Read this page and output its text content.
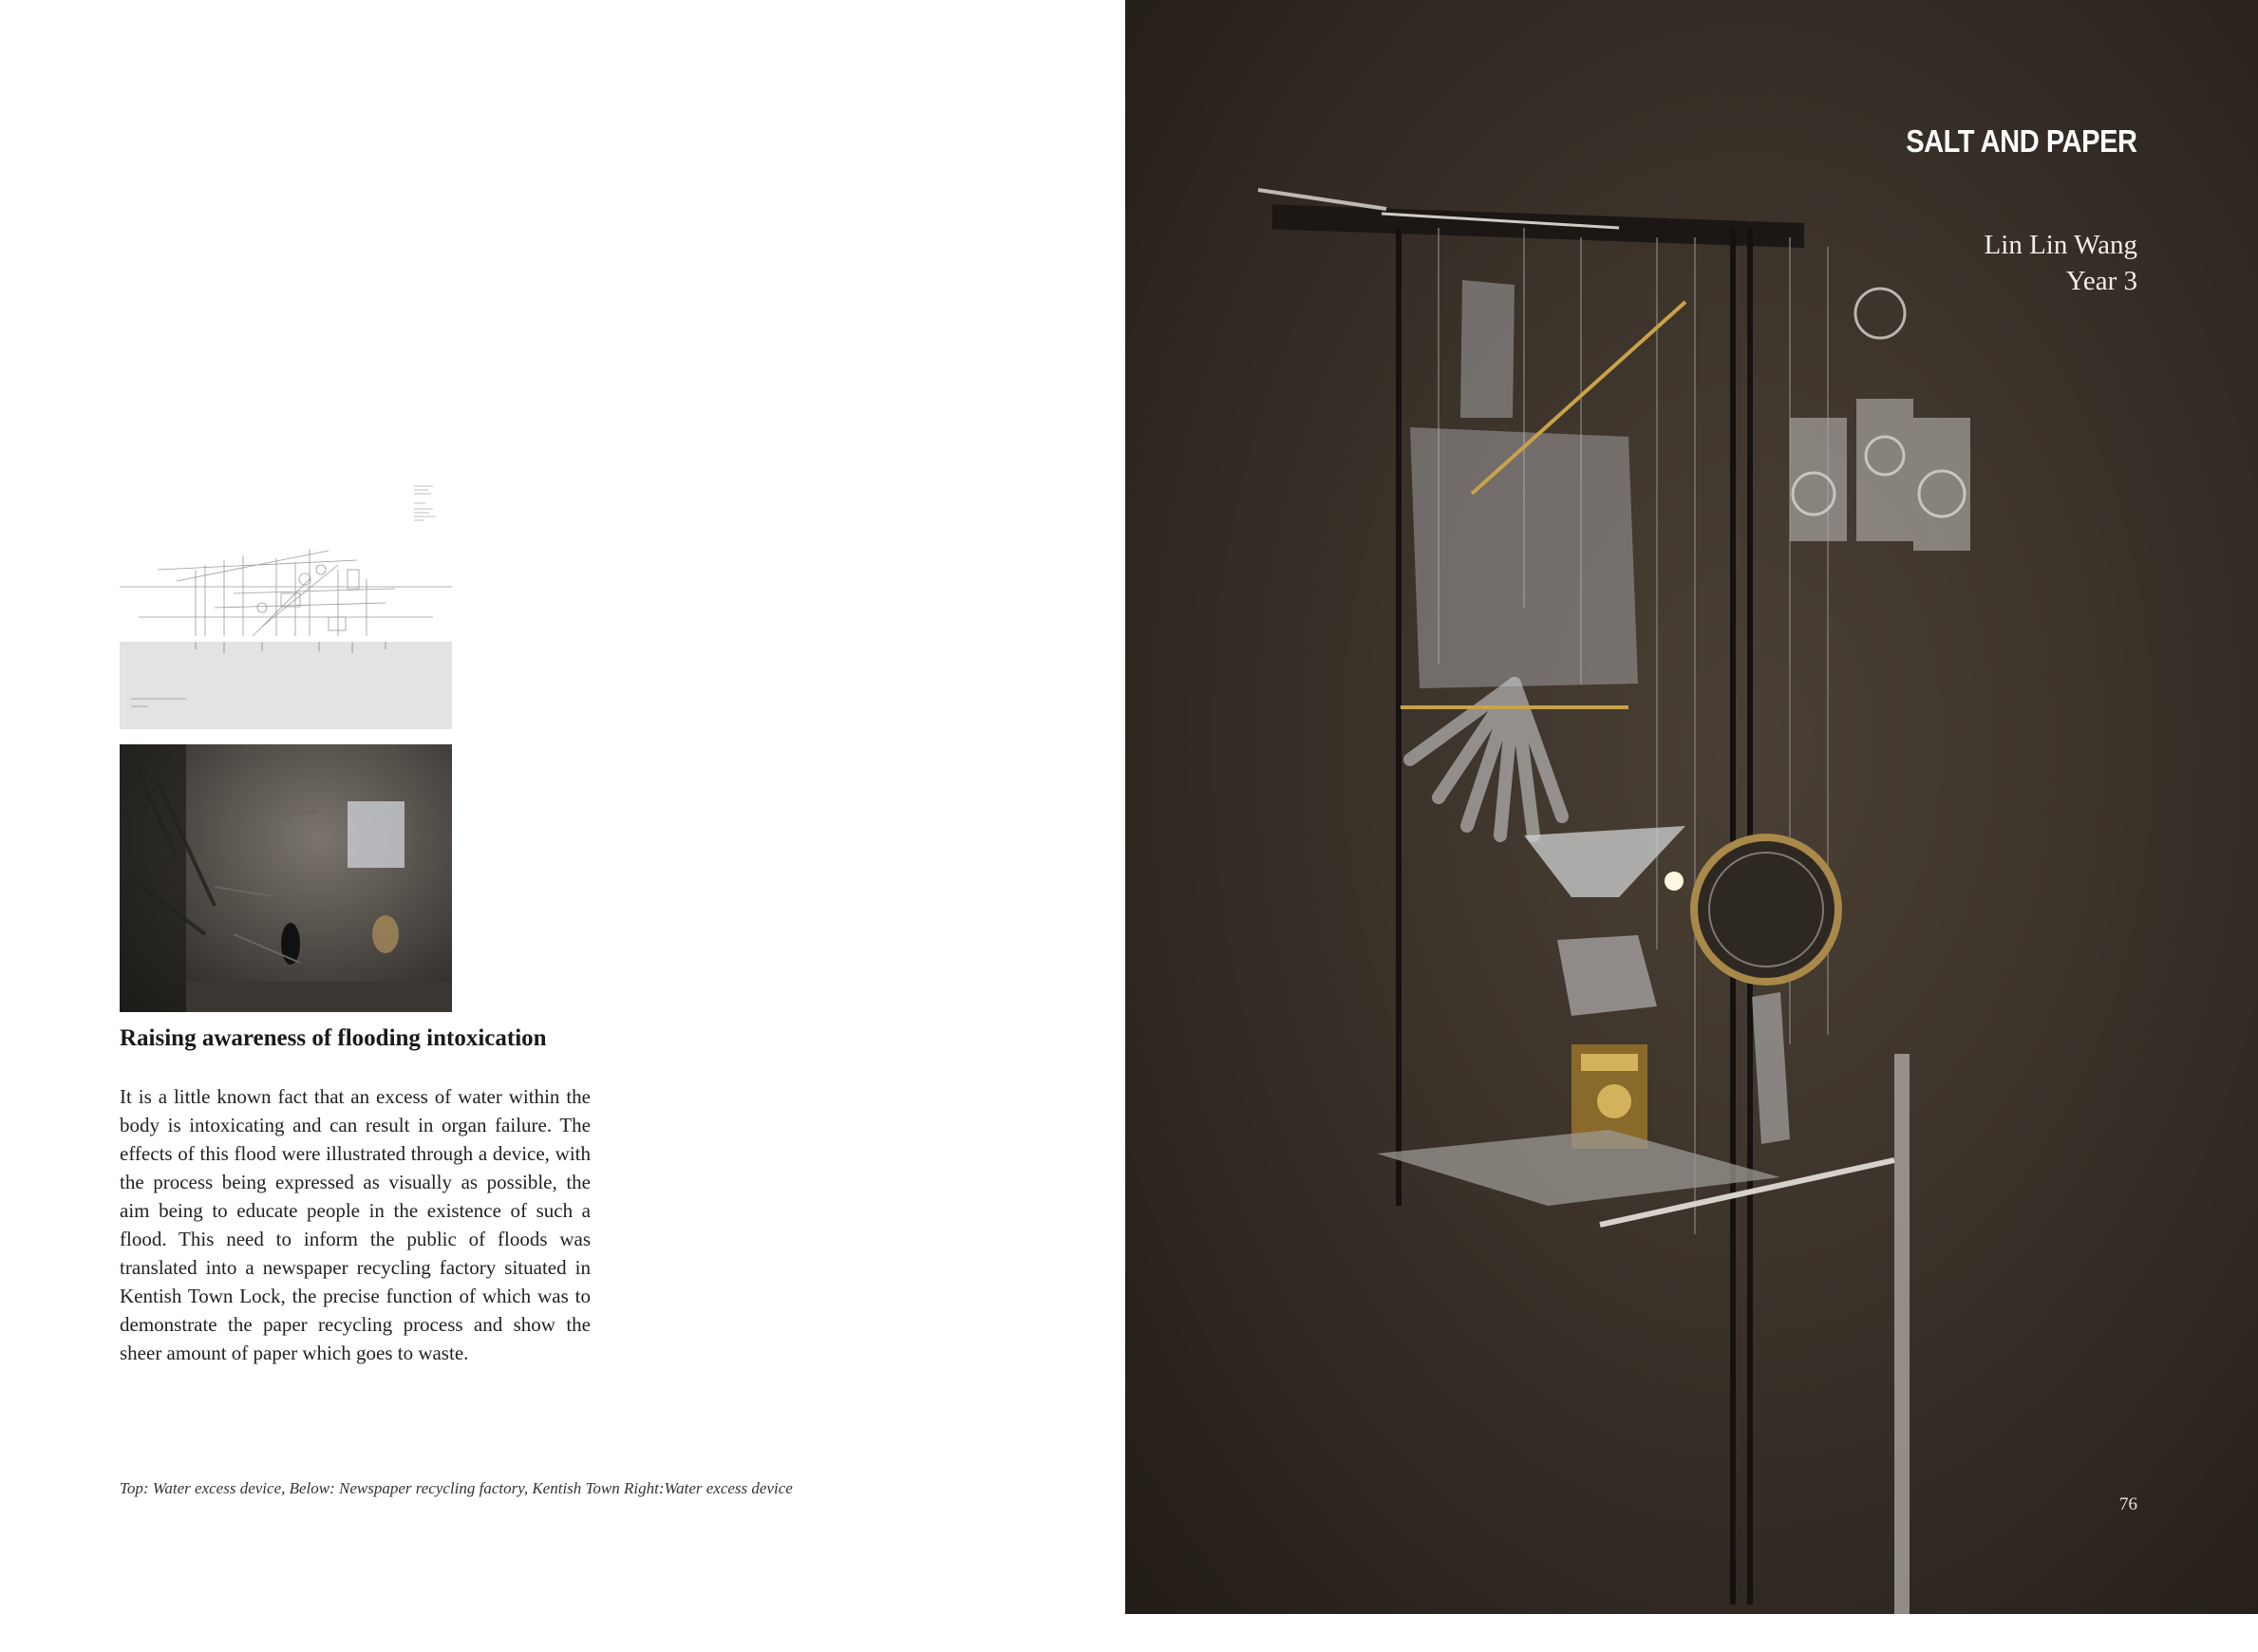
Raising awareness of flooding intoxication

It is a little known fact that an excess of water within the body is intoxicating and can result in organ failure. The effects of this flood were illustrated through a device, with the process being expressed as visually as possible, the aim being to educate people in the existence of such a flood. This need to inform the public of floods was translated into a newspaper recycling factory situated in Kentish Town Lock, the precise function of which was to demonstrate the paper recycling process and show the sheer amount of paper which goes to waste.

Top: Water excess device, Below: Newspaper recycling factory, Kentish Town Right:Water excess device

SALT AND PAPER

Lin Lin Wang

Year 3

76
